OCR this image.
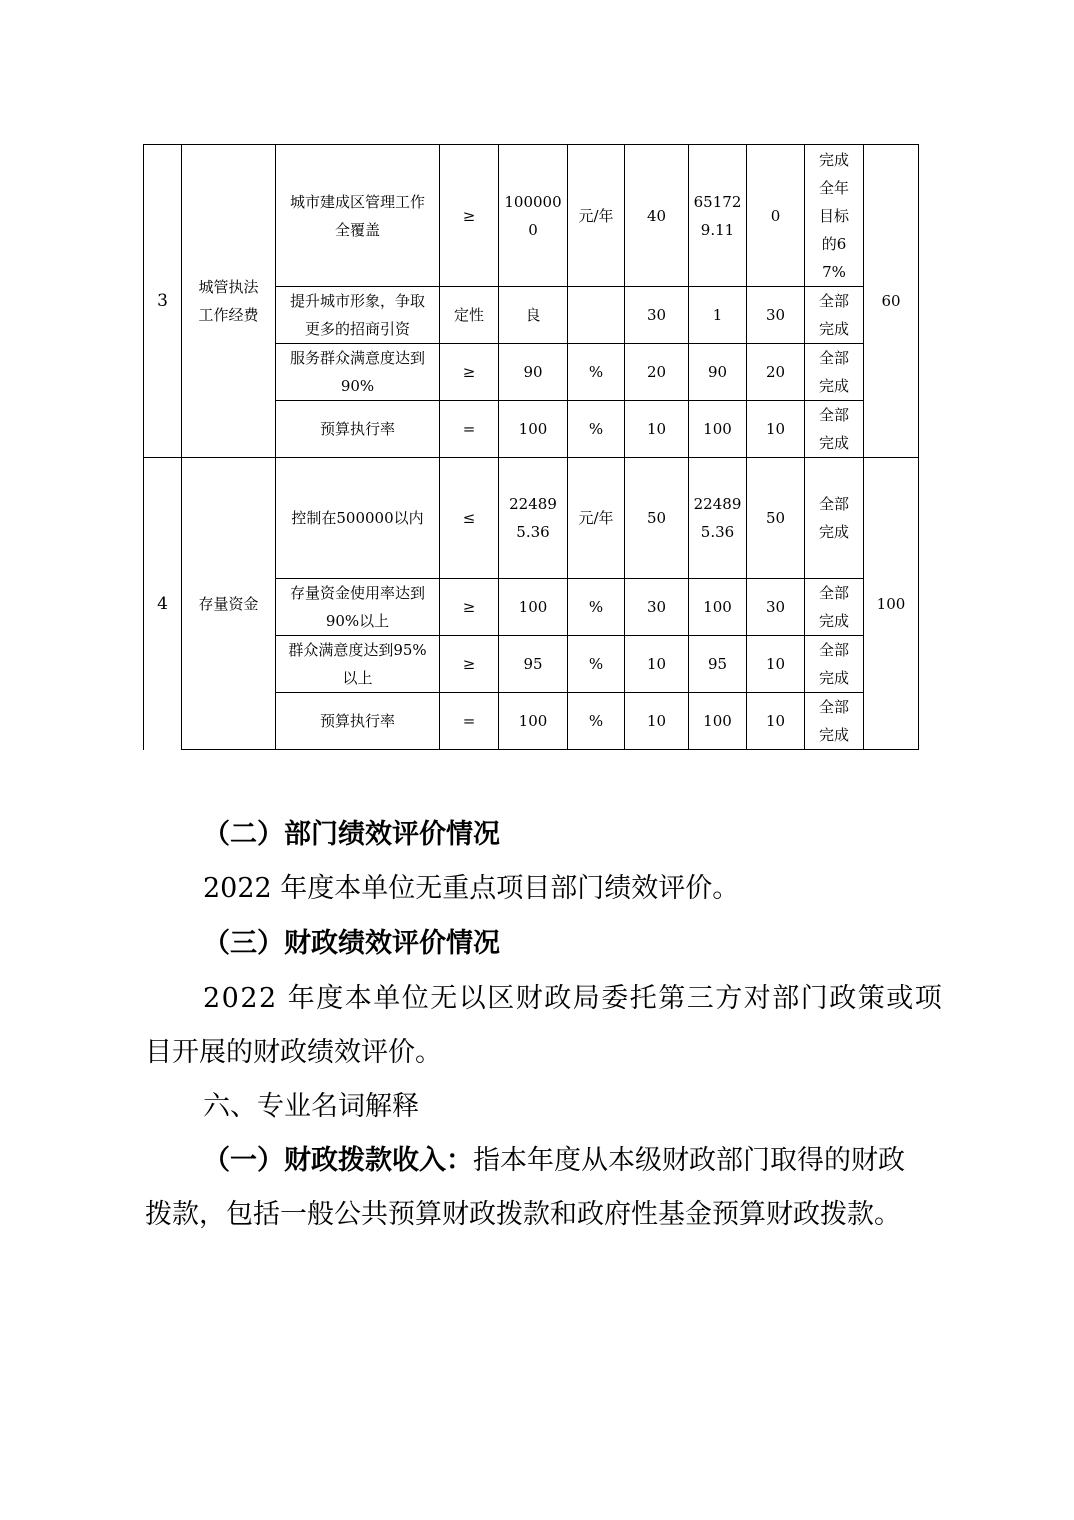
3	城管执法工作经费	城市建成区管理工作全覆盖	≥	1000000	元/年	40	651729.11	0	完成全年目标的67%	60
		提升城市形象，争取更多的招商引资	定性	良		30	1	30	全部完成	
		服务群众满意度达到90%	≥	90	%	20	90	20	全部完成	
		预算执行率	=	100	%	10	100	10	全部完成	
4	存量资金	控制在500000以内	≤	224895.36	元/年	50	224895.36	50	全部完成	100
		存量资金使用率达到90%以上	≥	100	%	30	100	30	全部完成	
		群众满意度达到95%以上	≥	95	%	10	95	10	全部完成	
		预算执行率	=	100	%	10	100	10	全部完成	
（二）部门绩效评价情况
2022 年度本单位无重点项目部门绩效评价。
（三）财政绩效评价情况
2022 年度本单位无以区财政局委托第三方对部门政策或项
目开展的财政绩效评价。
六、专业名词解释
（一）财政拨款收入：指本年度从本级财政部门取得的财政
拨款，包括一般公共预算财政拨款和政府性基金预算财政拨款。
